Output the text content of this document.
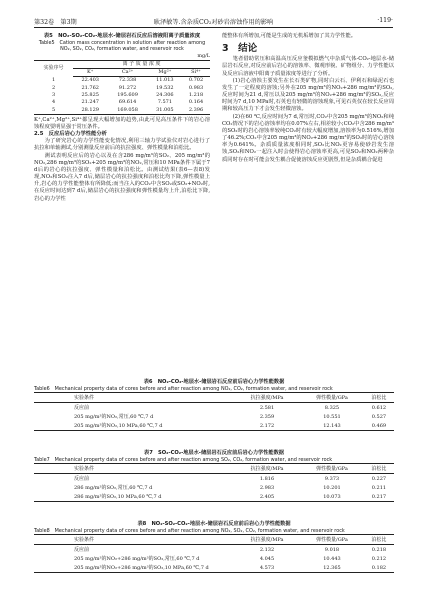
第32卷　第3期	耿泽敏等.含杂质CO₂对砂岩溶蚀作用的影响	·119·
表5　NO₂-SO₂-CO₂-地层水-储层岩石反应后溶液阳离子质量浓度
Table5　Cation mass concentration in solution after reaction among NO₂, SO₂, CO₂, formation water, and reservoir rock
mg/L
实验序号	离 子 质 量 浓 度			
	K⁺	Ca²⁺	Mg²⁺	Si⁴⁺
1	22.403	72.338	11.013	0.702
2	21.762	91.272	19.532	0.983
3	25.825	195.609	24.306	1.218
4	21.247	69.614	7.571	0.164
5	28.129	169.058	31.005	2.396

K⁺,Ca²⁺,Mg²⁺,Si⁴⁺都呈现大幅增加的趋势,由此可见高压条件下的岩心溶蚀程度要明显强于常压条件。

2.5　反应后岩心力学性能分析

为了研究岩心的力学性能变化情况,利用三轴力学试验仪对岩心进行了抗拉和单轴测试,分别测量反应前后的抗拉强度、弹性模量和泊松比。

测试表明反应后的岩心以及在含286 mg/m³的SO₂、205 mg/m³的NO₂,286 mg/m³的SO₂+205 mg/m³的NO₂,常压和10 MPa条件下属于7 d后的岩心的抗拉强度、弹性模量和泊松比。由测试结果(表6—表8)发现,NO₂和SO₂注入7 d后,储层岩心的抗拉强度和泊松比均下降,弹性模量上升,岩心的力学性能整体有所降低;而当注入的CO₂中含SO₂或SO₂+NO₂时,在反应时间达到7 d后,储层岩心的抗拉强度和弹性模量均上升,泊松比下降,岩心的力学性

能整体有所增加,可能是生成的无机垢增加了其力学性能。

3　结论

笔者借助常压和高温高压反应釜模拟燃气中杂质气体-CO₂-地层水-储层岩石反应,对反应前后岩心的溶蚀率、微观形貌、矿物组分、力学性能以及反应后溶液中阳离子质量浓度等进行了分析。

(1)岩心溶蚀主要发生在长石类矿物,同时白云石、伊利石和绿泥石也发生了一定程度的溶蚀;另外在205 mg/m³的NO₂+286 mg/m³的SO₂,反应时间为21 d,常压以及205 mg/m³的NO₂+286 mg/m³的SO₂,反应时间为7 d,10 MPa时,石英也有轻微的溶蚀现象,可见石英仅在较长反应周期和较高压力下才会发生轻微溶蚀。

(2)在60 ℃,反应时间为7 d,常压时,CO₂中含205 mg/m³的NO₂和纯CO₂情况下的岩心溶蚀率均在0.07%左右,相差较小;CO₂中含286 mg/m³的SO₂时的岩心溶蚀率较纯CO₂时有较大幅度增加,溶蚀率为0.516%,增加了46.2%;CO₂中含205 mg/m³的NO₂+286 mg/m³的SO₂时的岩心溶蚀率为0.641%。杂质质量浓度相同时,SO₂比NO₂更容易使砂岩发生溶蚀,SO₂和NO₂一起注入时会使得岩心溶蚀率更高,可见SO₂和NO₂两种杂质同时存在时可能会发生耦合促使溶蚀反应更剧烈,但是杂质耦合促进

表6　NO₂-CO₂-地层水-储层岩石反应前后岩心力学性能数据
Table6　Mechanical property data of cores before and after reaction among NO₂, CO₂, formation water, and reservoir rock
实验条件	抗拉强度/MPa	弹性模量/GPa	泊松比
反应前	2.581	8.325	0.612
205 mg/m³的NO₂,常压,60 ℃,7 d	2.359	10.551	0.527
205 mg/m³的NO₂,10 MPa,60 ℃,7 d	2.172	12.143	0.469
表7　SO₂-CO₂-地层水-储层岩石反应前后岩心力学性能数据
Table7　Mechanical property data of cores before and after reaction among SO₂, CO₂, formation water, and reservoir rock
实验条件	抗拉强度/MPa	弹性模量/GPa	泊松比
反应前	1.816	9.373	0.227
286 mg/m³的SO₂,常压,60 ℃,7 d	2.983	10.201	0.211
286 mg/m³的SO₂,10 MPa,60 ℃,7 d	2.405	10.073	0.217
表8　NO₂-SO₂-CO₂-地层水-储层岩石反应前后岩心力学性能数据
Table8　Mechanical property data of cores before and after reaction among NO₂, SO₂, CO₂, formation water, and reservoir rock
实验条件	抗拉强度/MPa	弹性模量/GPa	泊松比
反应前	2.132	9.018	0.218
205 mg/m³的NO₂+286 mg/m³的SO₂,常压,60 ℃,7 d	4.045	10.443	0.212
205 mg/m³的NO₂+286 mg/m³的SO₂,10 MPa,60 ℃,7 d	4.573	12.365	0.182
